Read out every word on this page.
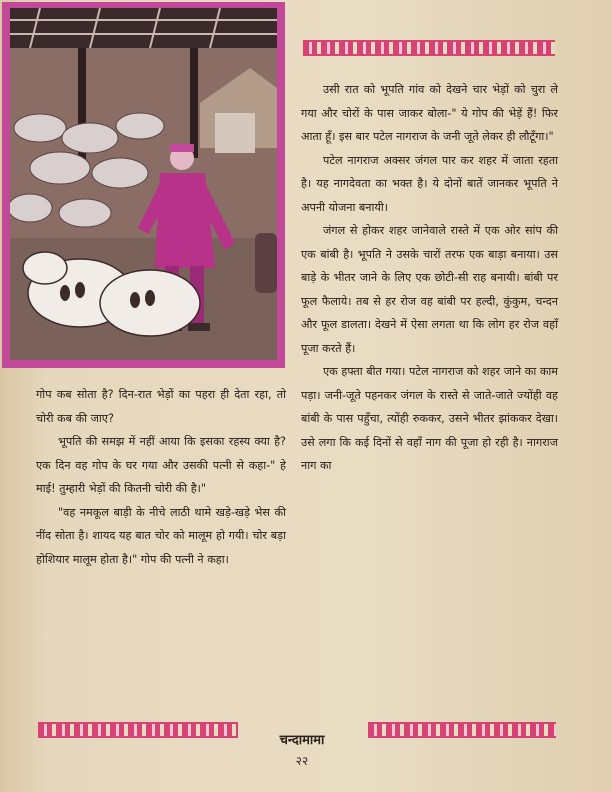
उसी रात को भूपति गांव को देखने चार भेड़ों को चुरा ले गया और चोरों के पास जाकर बोला-" ये गोप की भेड़ें हैं! फिर आता हूँ। इस बार पटेल नागराज के जनी जूते लेकर ही लौटूँगा।"

पटेल नागराज अक्सर जंगल पार कर शहर में जाता रहता है। यह नागदेवता का भक्त है। ये दोनों बातें जानकर भूपति ने अपनी योजना बनायी।

जंगल से होकर शहर जानेवाले रास्ते में एक ओर सांप की एक बांबी है। भूपति ने उसके चारों तरफ एक बाड़ा बनाया। उस बाड़े के भीतर जाने के लिए एक छोटी-सी राह बनायी। बांबी पर फूल फैलाये। तब से हर रोज वह बांबी पर हल्दी, कुंकुम, चन्दन और फूल डालता। देखने में ऐसा लगता था कि लोग हर रोज वहाँ पूजा करते हैं।

एक हफ्ता बीत गया। पटेल नागराज को शहर जाने का काम पड़ा। जनी-जूते पहनकर जंगल के रास्ते से जाते-जाते ज्योंही वह बांबी के पास पहुँचा, त्योंही रुककर, उसने भीतर झांककर देखा। उसे लगा कि कई दिनों से वहाँ नाग की पूजा हो रही है। नागराज नाग का

गोप कब सोता है? दिन-रात भेड़ों का पहरा ही देता रहा, तो चोरी कब की जाए?

भूपति की समझ में नहीं आया कि इसका रहस्य क्या है? एक दिन वह गोप के घर गया और उसकी पत्नी से कहा-" हे माई! तुम्हारी भेड़ों की कितनी चोरी की है।"

"वह नमकूल बाड़ी के नीचे लाठी थामे खड़े-खड़े भेस की नींद सोता है। शायद यह बात चोर को मालूम हो गयी। चोर बड़ा होशियार मालूम होता है।" गोप की पत्नी ने कहा।

चन्दामामा
२२
